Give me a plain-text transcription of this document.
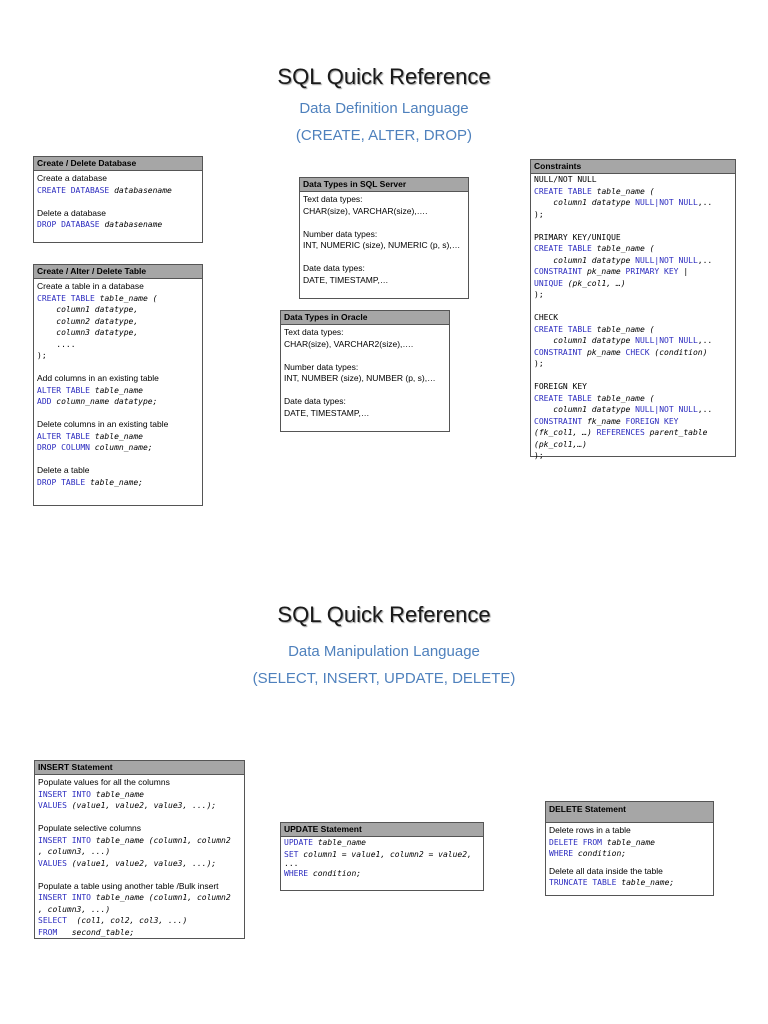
SQL Quick Reference
Data Definition Language
(CREATE, ALTER, DROP)
Create / Delete Database
Create a database
CREATE DATABASE databasename
Delete a database
DROP DATABASE databasename
Create / Alter / Delete Table
Create a table in a database
CREATE TABLE table_name (
column1 datatype,
column2 datatype,
column3 datatype,
....
);
Add columns in an existing table
ALTER TABLE table_name
ADD column_name datatype;
Delete columns in an existing table
ALTER TABLE table_name
DROP COLUMN column_name;
Delete a table
DROP TABLE table_name;
Data Types in SQL Server
Text data types:
CHAR(size), VARCHAR(size),….
Number data types:
INT, NUMERIC (size), NUMERIC (p, s),…
Date data types:
DATE, TIMESTAMP,…
Data Types in Oracle
Text data types:
CHAR(size), VARCHAR2(size),….
Number data types:
INT, NUMBER (size), NUMBER (p, s),…
Date data types:
DATE, TIMESTAMP,…
Constraints
NULL/NOT NULL
CREATE TABLE table_name (
column1 datatype NULL|NOT NULL,..
);
PRIMARY KEY/UNIQUE
CREATE TABLE table_name (
column1 datatype NULL|NOT NULL,..
CONSTRAINT pk_name PRIMARY KEY |
UNIQUE (pk_col1, …)
);
CHECK
CREATE TABLE table_name (
column1 datatype NULL|NOT NULL,..
CONSTRAINT pk_name CHECK (condition)
);
FOREIGN KEY
CREATE TABLE table_name (
column1 datatype NULL|NOT NULL,..
CONSTRAINT fk_name FOREIGN KEY
(fk_col1, …) REFERENCES parent_table
(pk_col1,…)
);
SQL Quick Reference
Data Manipulation Language
(SELECT, INSERT, UPDATE, DELETE)
INSERT Statement
Populate values for all the columns
INSERT INTO table_name
VALUES (value1, value2, value3, ...);
Populate selective columns
INSERT INTO table_name (column1, column2
, column3, ...)
VALUES (value1, value2, value3, ...);
Populate a table using another table /Bulk insert
INSERT INTO table_name (column1, column2
, column3, ...)
SELECT  (col1, col2, col3, ...)
FROM   second_table;
UPDATE Statement
UPDATE table_name
SET column1 = value1, column2 = value2,
...
WHERE condition;
DELETE Statement
Delete rows in a table
DELETE FROM table_name
WHERE condition;
Delete all data inside the table
TRUNCATE TABLE table_name;
